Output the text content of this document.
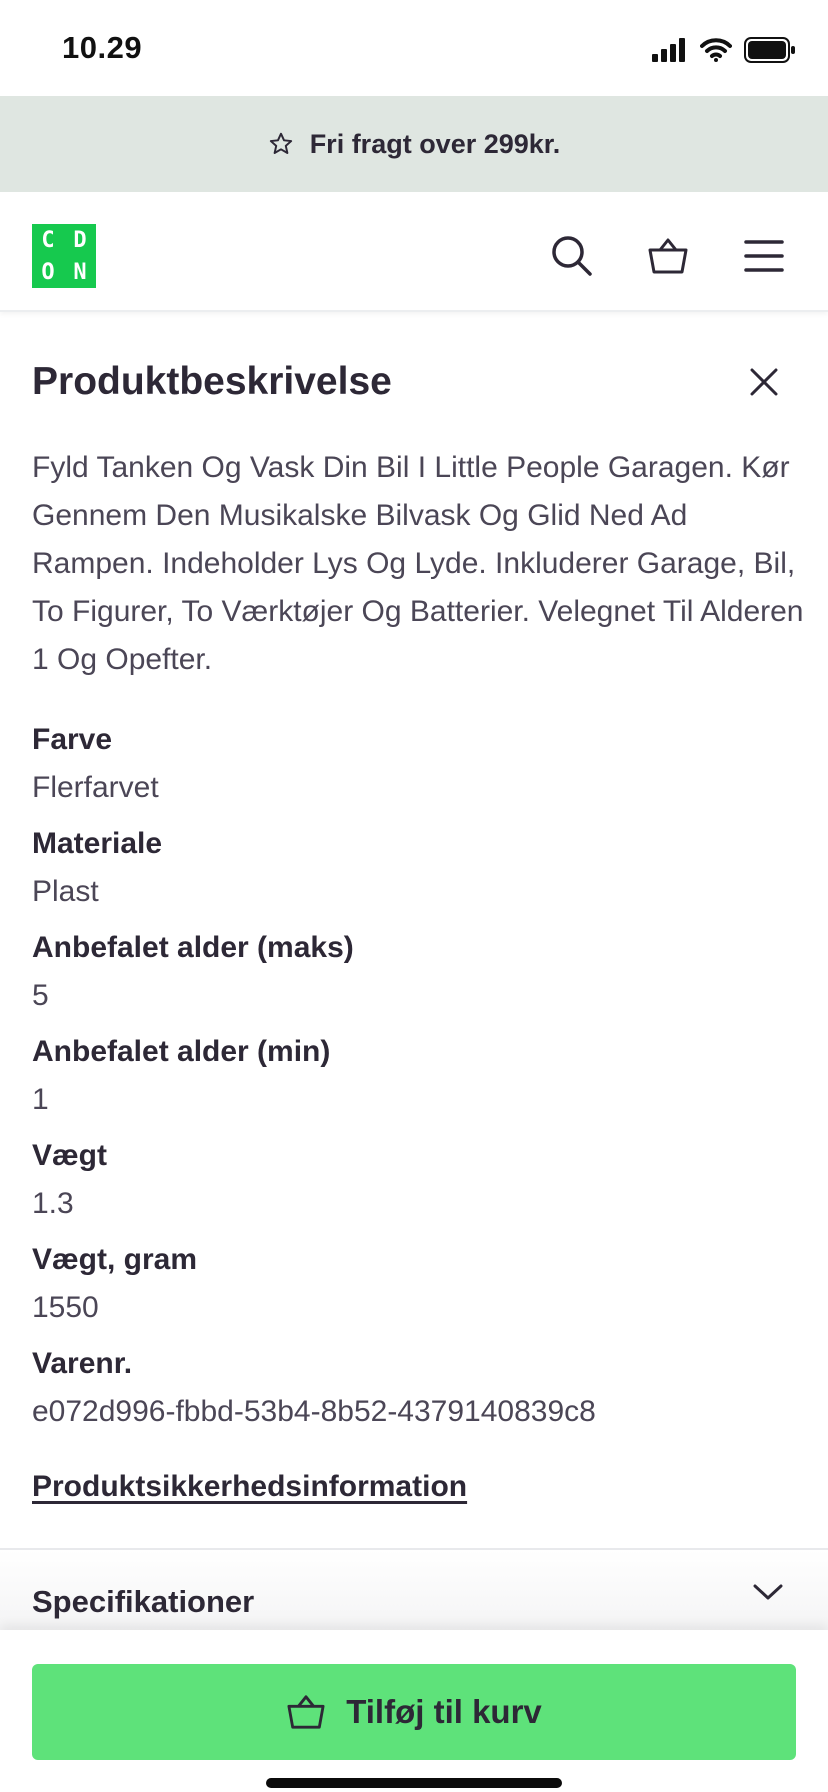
10.29
Fri fragt over 299kr.
C D
O N
Produktbeskrivelse

Fyld Tanken Og Vask Din Bil I Little People Garagen. Kør Gennem Den Musikalske Bilvask Og Glid Ned Ad Rampen. Indeholder Lys Og Lyde. Inkluderer Garage, Bil, To Figurer, To Værktøjer Og Batterier. Velegnet Til Alderen 1 Og Opefter.

Farve
Flerfarvet
Materiale
Plast
Anbefalet alder (maks)
5
Anbefalet alder (min)
1
Vægt
1.3
Vægt, gram
1550
Varenr.
e072d996-fbbd-53b4-8b52-4379140839c8
Produktsikkerhedsinformation
Specifikationer
Tilføj til kurv
